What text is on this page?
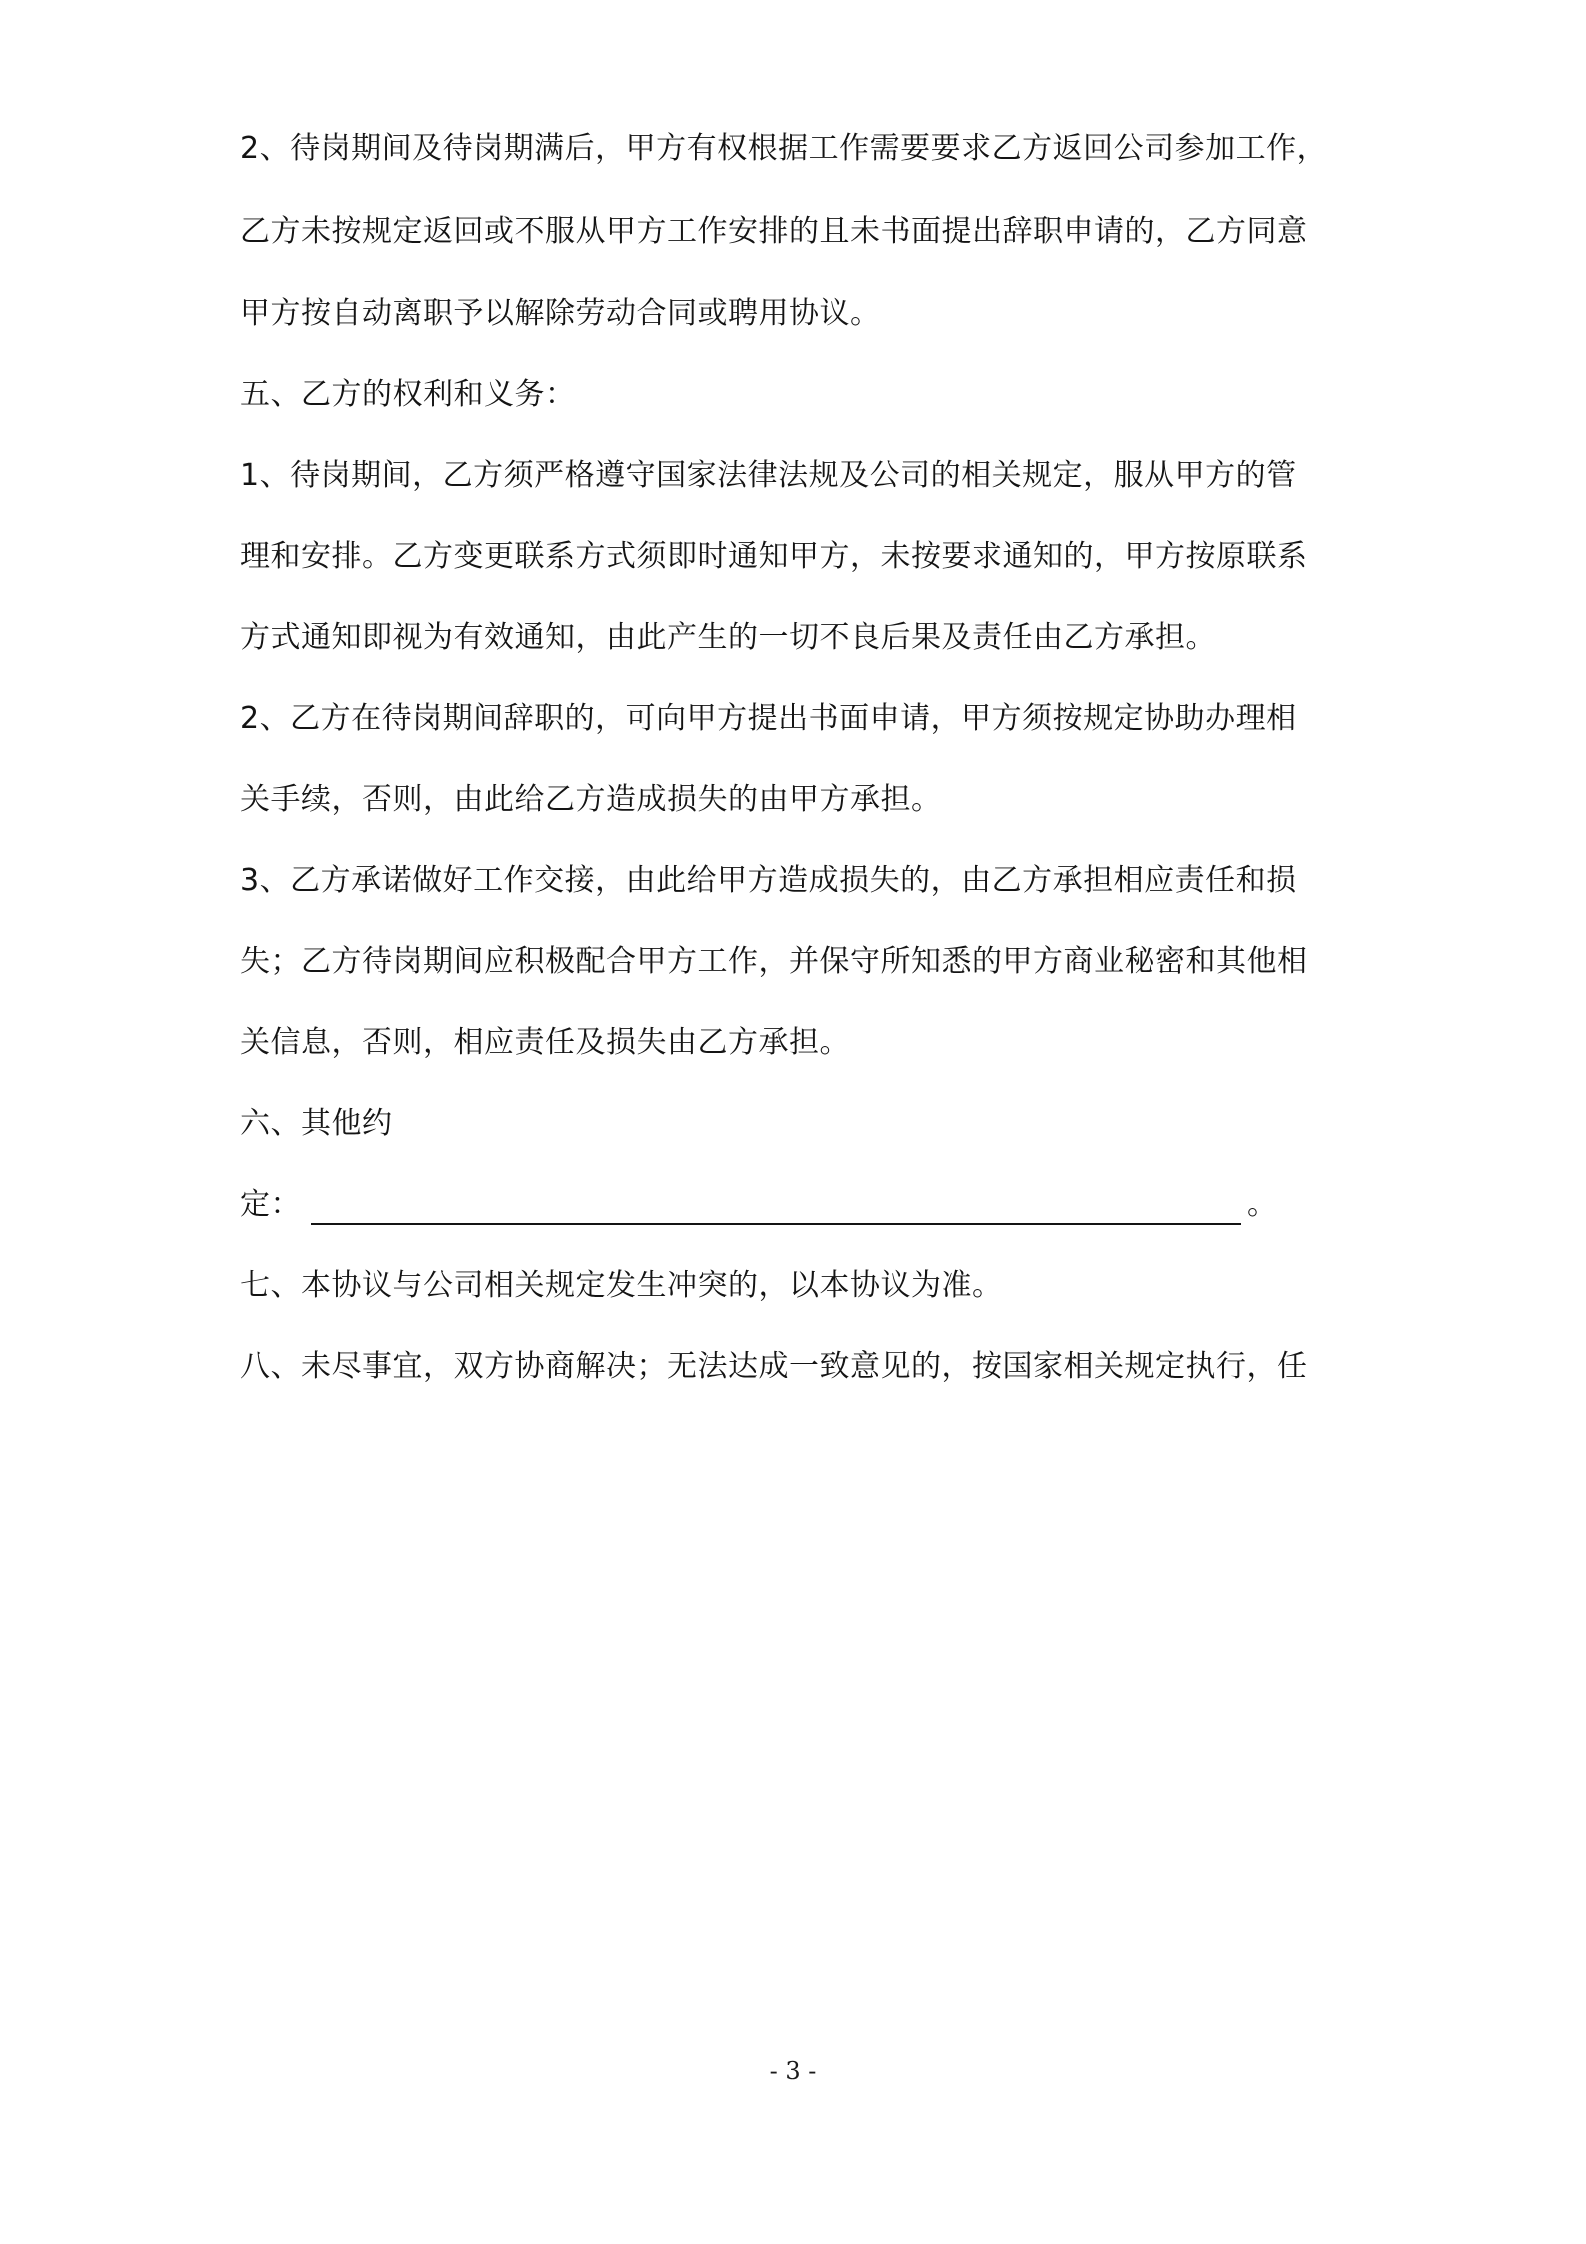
2、待岗期间及待岗期满后，甲方有权根据工作需要要求乙方返回公司参加工作，

乙方未按规定返回或不服从甲方工作安排的且未书面提出辞职申请的，乙方同意

甲方按自动离职予以解除劳动合同或聘用协议。

五、乙方的权利和义务：

1、待岗期间，乙方须严格遵守国家法律法规及公司的相关规定，服从甲方的管

理和安排。乙方变更联系方式须即时通知甲方，未按要求通知的，甲方按原联系

方式通知即视为有效通知，由此产生的一切不良后果及责任由乙方承担。

2、乙方在待岗期间辞职的，可向甲方提出书面申请，甲方须按规定协助办理相

关手续，否则，由此给乙方造成损失的由甲方承担。

3、乙方承诺做好工作交接，由此给甲方造成损失的，由乙方承担相应责任和损

失；乙方待岗期间应积极配合甲方工作，并保守所知悉的甲方商业秘密和其他相

关信息，否则，相应责任及损失由乙方承担。

六、其他约

定：	。

七、本协议与公司相关规定发生冲突的，以本协议为准。

八、未尽事宜，双方协商解决；无法达成一致意见的，按国家相关规定执行，任

- 3 -
